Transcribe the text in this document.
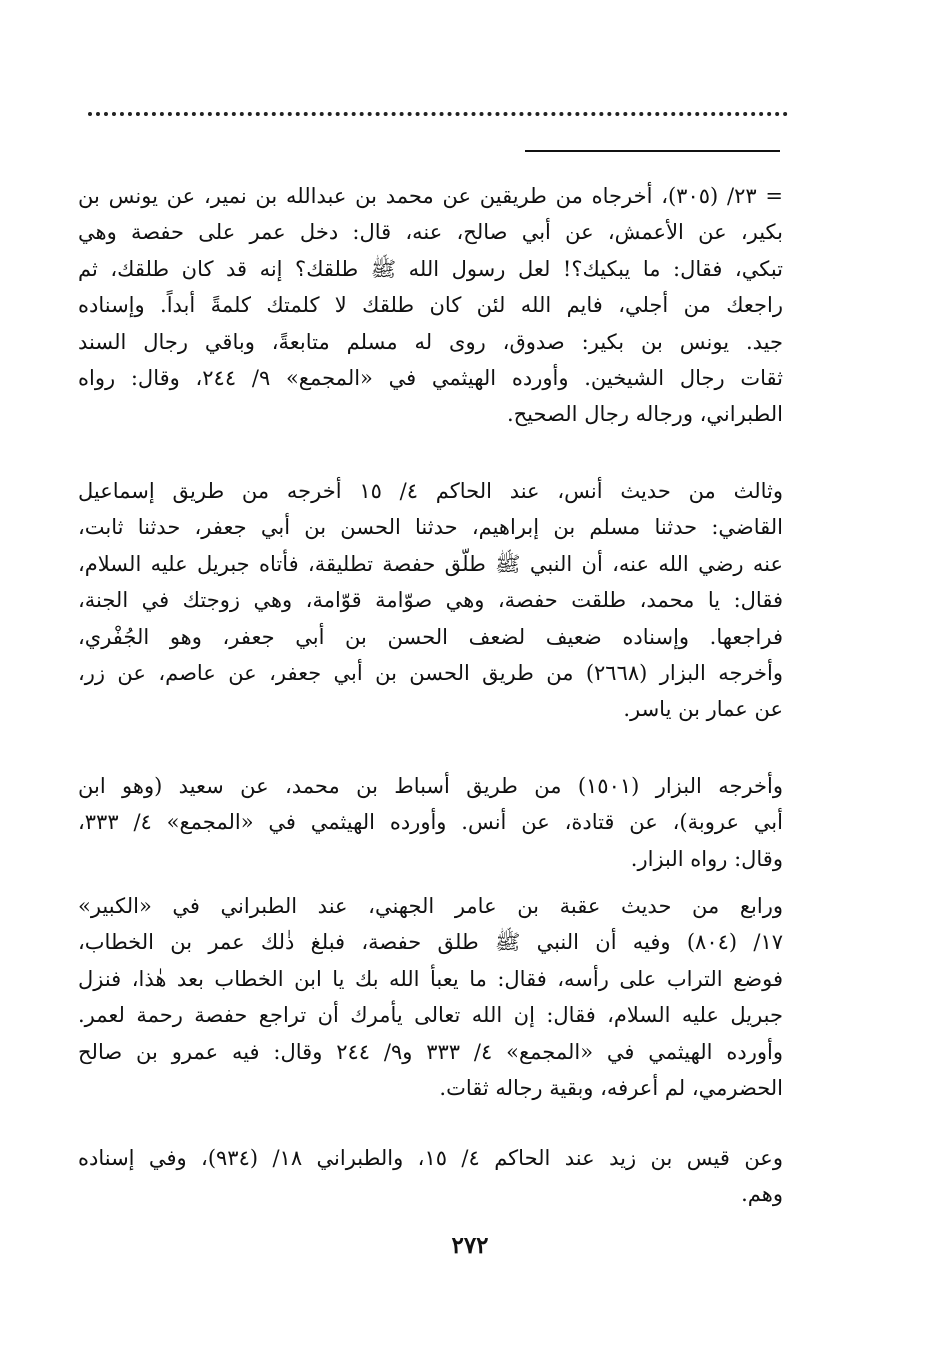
= ٢٣/ (٣٠٥)، أخرجاه من طريقين عن محمد بن عبدالله بن نمير، عن يونس بن
بكير، عن الأعمش، عن أبي صالح، عنه، قال: دخل عمر على حفصة وهي
تبكي، فقال: ما يبكيك؟! لعل رسول الله ﷺ طلقك؟ إنه قد كان طلقك، ثم
راجعك من أجلي، فايم الله لئن كان طلقك لا كلمتك كلمةً أبداً. وإسناده
جيد. يونس بن بكير: صدوق، روى له مسلم متابعةً، وباقي رجال السند
ثقات رجال الشيخين. وأورده الهيثمي في «المجمع» ٩/ ٢٤٤، وقال: رواه
الطبراني، ورجاله رجال الصحيح.
وثالث من حديث أنس، عند الحاكم ٤/ ١٥ أخرجه من طريق إسماعيل
القاضي: حدثنا مسلم بن إبراهيم، حدثنا الحسن بن أبي جعفر، حدثنا ثابت،
عنه رضي الله عنه، أن النبي ﷺ طلّق حفصة تطليقة، فأتاه جبريل عليه السلام،
فقال: يا محمد، طلقت حفصة، وهي صوّامة قوّامة، وهي زوجتك في الجنة،
فراجعها. وإسناده ضعيف لضعف الحسن بن أبي جعفر، وهو الجُفْري،
وأخرجه البزار (٢٦٦٨) من طريق الحسن بن أبي جعفر، عن عاصم، عن زر،
عن عمار بن ياسر.
وأخرجه البزار (١٥٠١) من طريق أسباط بن محمد، عن سعيد (وهو ابن
أبي عروبة)، عن قتادة، عن أنس. وأورده الهيثمي في «المجمع» ٤/ ٣٣٣،
وقال: رواه البزار.
ورابع من حديث عقبة بن عامر الجهني، عند الطبراني في «الكبير»
١٧/ (٨٠٤) وفيه أن النبي ﷺ طلق حفصة، فبلغ ذٰلك عمر بن الخطاب،
فوضع التراب على رأسه، فقال: ما يعبأ الله بك يا ابن الخطاب بعد هٰذا، فنزل
جبريل عليه السلام، فقال: إن الله تعالى يأمرك أن تراجع حفصة رحمة لعمر.
وأورده الهيثمي في «المجمع» ٤/ ٣٣٣ و٩/ ٢٤٤ وقال: فيه عمرو بن صالح
الحضرمي، لم أعرفه، وبقية رجاله ثقات.
وعن قيس بن زيد عند الحاكم ٤/ ١٥، والطبراني ١٨/ (٩٣٤)، وفي إسناده
وهم.
٢٧٢
